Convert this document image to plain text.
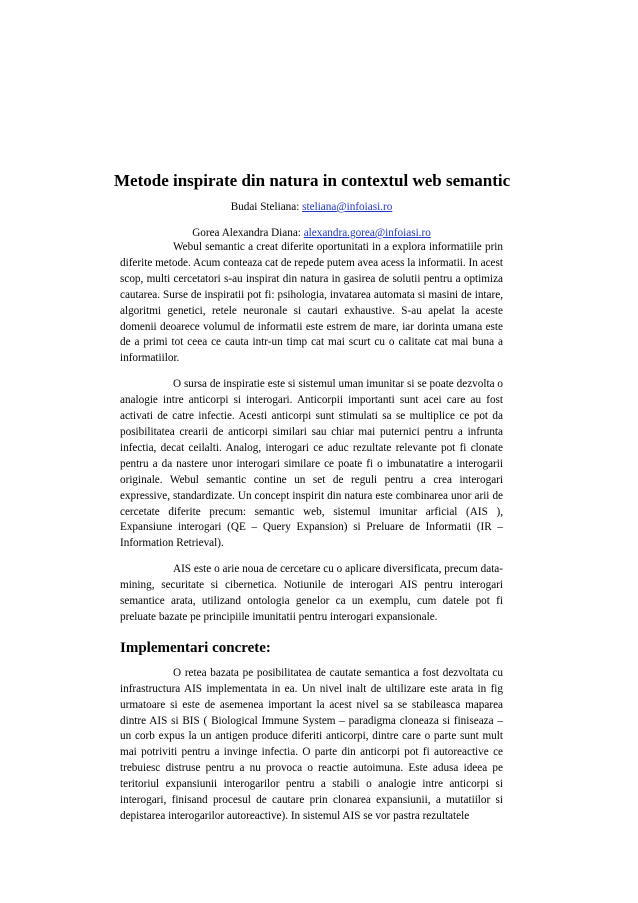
Metode inspirate din natura in contextul web semantic
Budai Steliana: steliana@infoiasi.ro
Gorea Alexandra Diana: alexandra.gorea@infoiasi.ro

Webul semantic a creat diferite oportunitati in a explora informatiile prin diferite metode. Acum conteaza cat de repede putem avea acess la informatii. In acest scop, multi cercetatori s-au inspirat din natura in gasirea de solutii pentru a optimiza cautarea. Surse de inspiratii pot fi: psihologia, invatarea automata si masini de intare, algoritmi genetici, retele neuronale si cautari exhaustive. S-au apelat la aceste domenii deoarece volumul de informatii este estrem de mare, iar dorinta umana este de a primi tot ceea ce cauta intr-un timp cat mai scurt cu o calitate cat mai buna a informatiilor.

O sursa de inspiratie este si sistemul uman imunitar si se poate dezvolta o analogie intre anticorpi si interogari. Anticorpii importanti sunt acei care au fost activati de catre infectie. Acesti anticorpi sunt stimulati sa se multiplice ce pot da posibilitatea crearii de anticorpi similari sau chiar mai puternici pentru a infrunta infectia, decat ceilalti. Analog, interogari ce aduc rezultate relevante pot fi clonate pentru a da nastere unor interogari similare ce poate fi o imbunatatire a interogarii originale. Webul semantic contine un set de reguli pentru a crea interogari expressive, standardizate. Un concept inspirit din natura este combinarea unor arii de cercetate diferite precum: semantic web, sistemul imunitar arficial (AIS ), Expansiune interogari (QE – Query Expansion) si Preluare de Informatii (IR – Information Retrieval).

AIS este o arie noua de cercetare cu o aplicare diversificata, precum data-mining, securitate si cibernetica. Notiunile de interogari AIS pentru interogari semantice arata, utilizand ontologia genelor ca un exemplu, cum datele pot fi preluate bazate pe principiile imunitatii pentru interogari expansionale.

Implementari concrete:

O retea bazata pe posibilitatea de cautate semantica a fost dezvoltata cu infrastructura AIS implementata in ea. Un nivel inalt de ultilizare este arata in fig urmatoare si este de asemenea important la acest nivel sa se stabileasca maparea dintre AIS si BIS ( Biological Immune System – paradigma cloneaza si finiseaza – un corb expus la un antigen produce diferiti anticorpi, dintre care o parte sunt mult mai potriviti pentru a invinge infectia. O parte din anticorpi pot fi autoreactive ce trebuiesc distruse pentru a nu provoca o reactie autoimuna. Este adusa ideea pe teritoriul expansiunii interogarilor pentru a stabili o analogie intre anticorpi si interogari, finisand procesul de cautare prin clonarea expansiunii, a mutatiilor si depistarea interogarilor autoreactive). In sistemul AIS se vor pastra rezultatele
